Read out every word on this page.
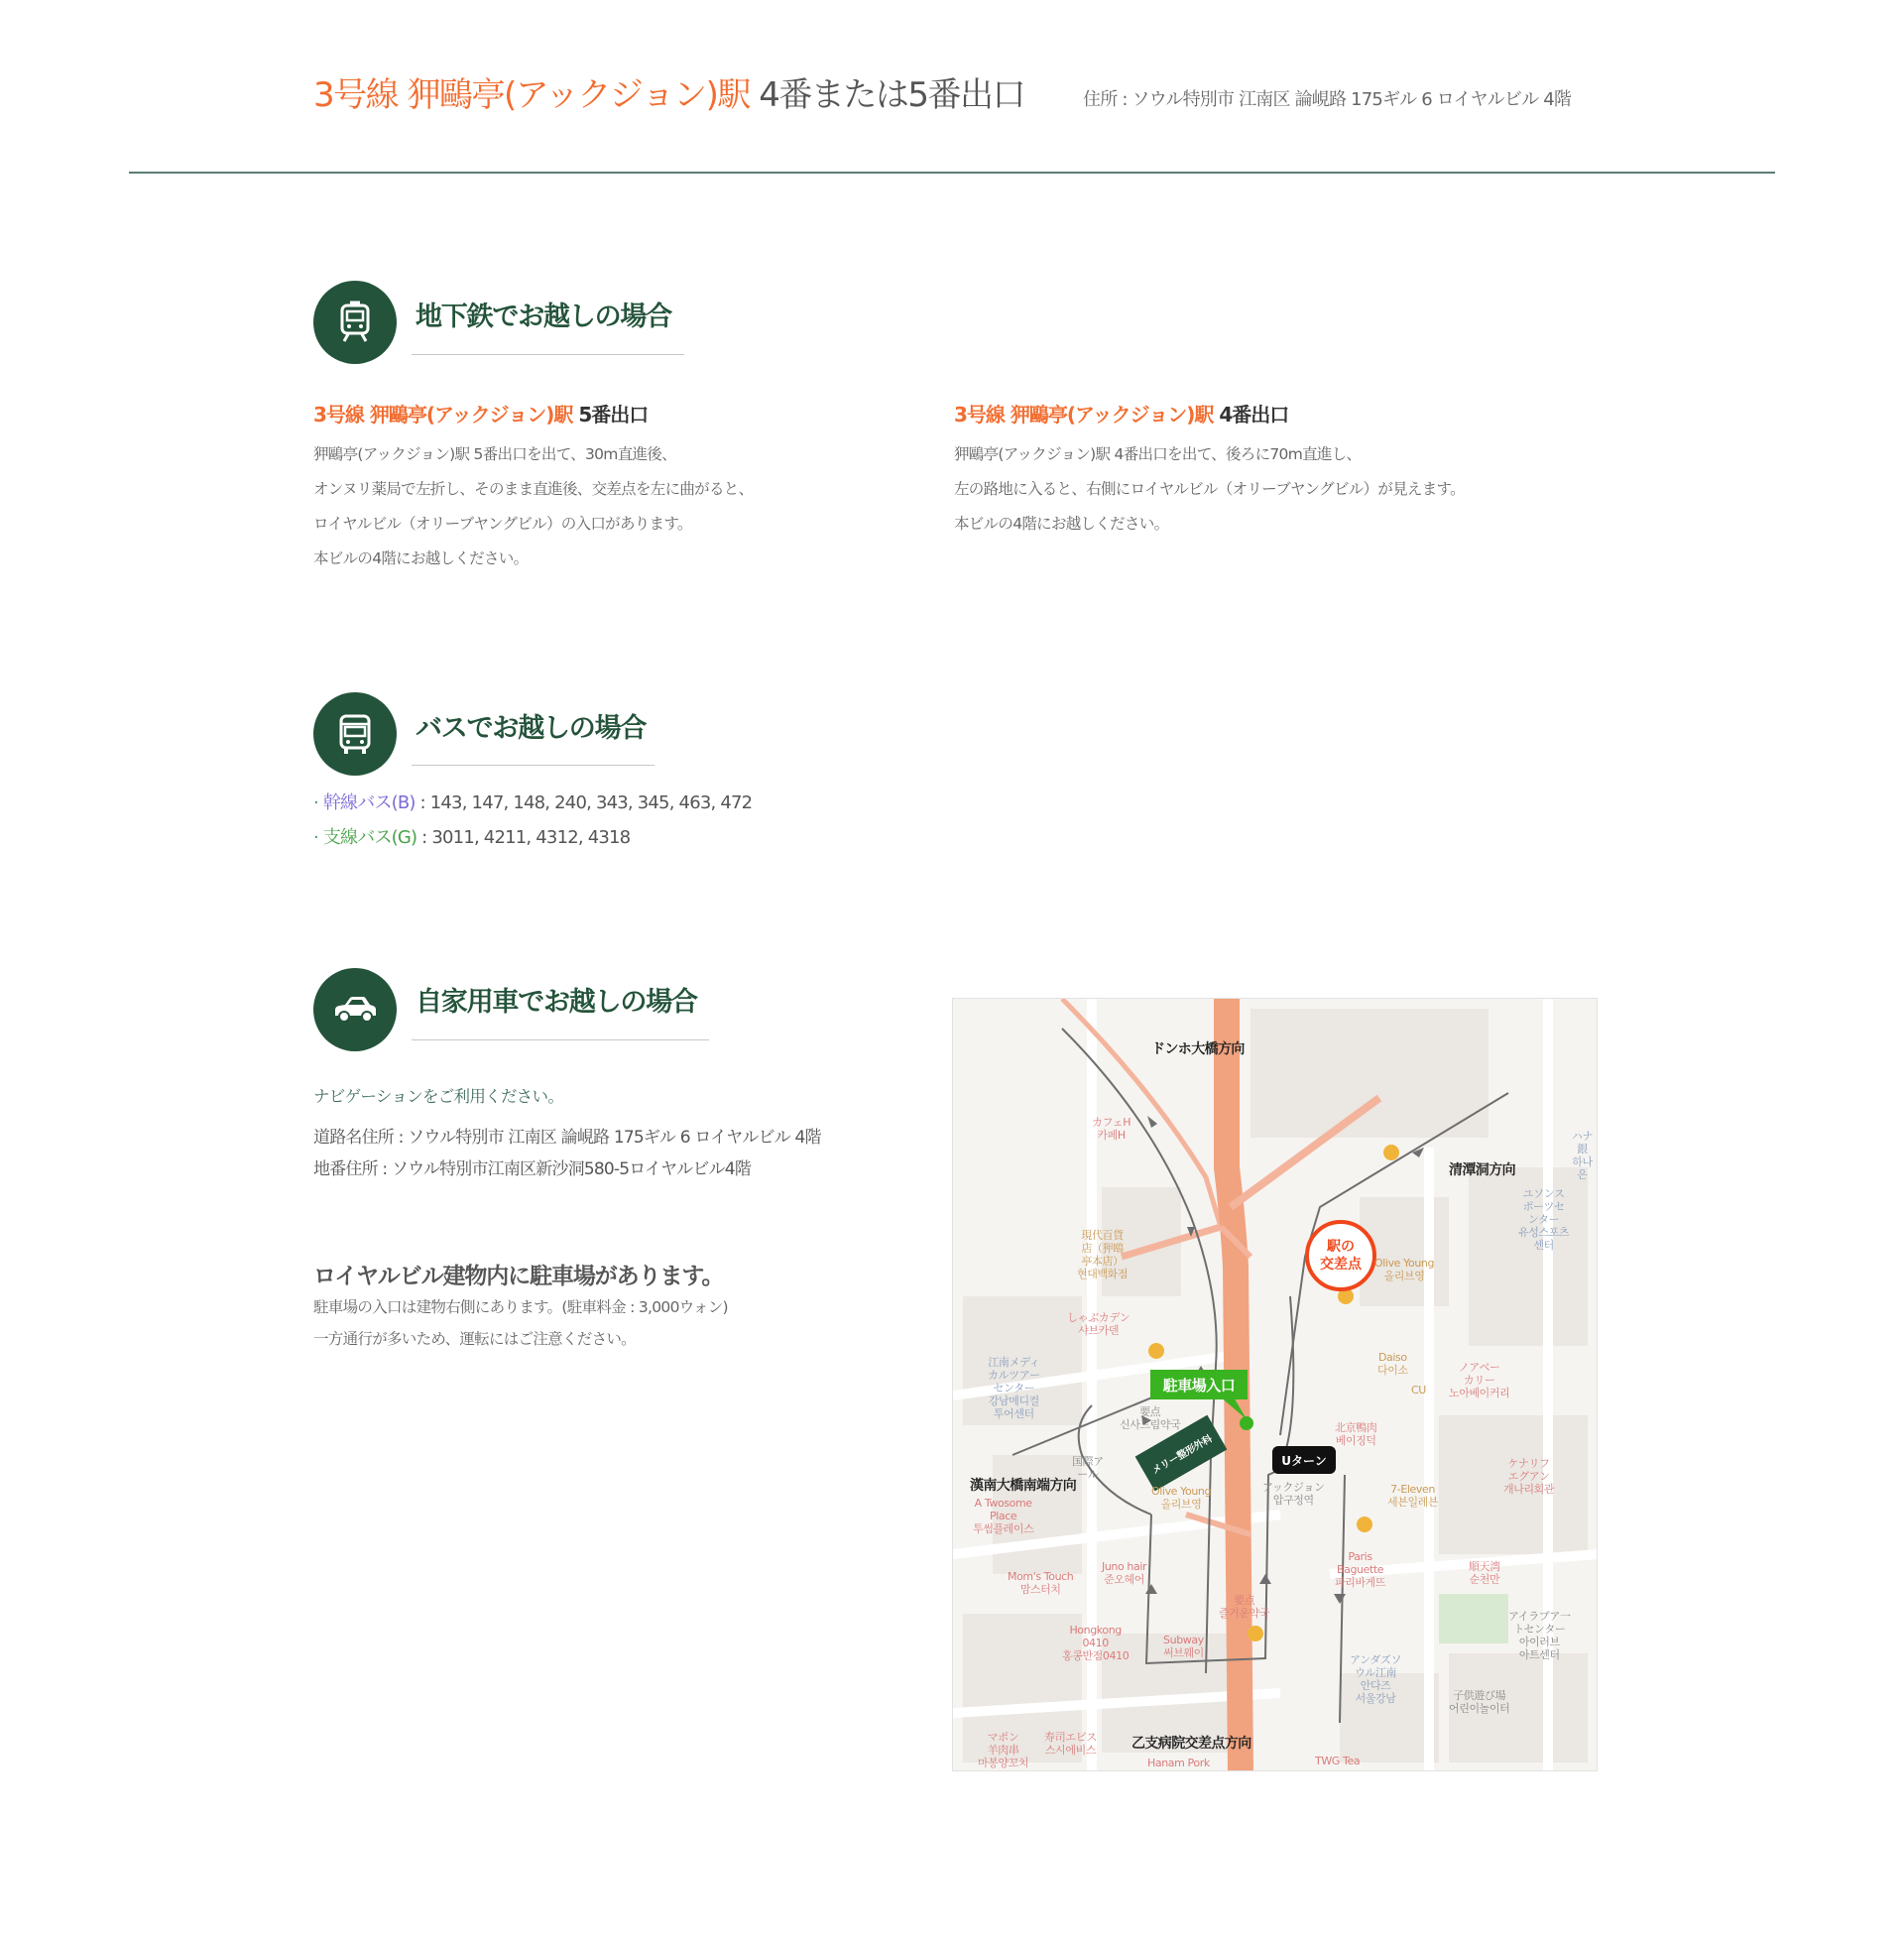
3号線 狎鷗亭(アックジョン)駅 4番または5番出口	住所 : ソウル特別市 江南区 論峴路 175ギル 6 ロイヤルビル 4階
地下鉄でお越しの場合
3号線 狎鷗亭(アックジョン)駅 5番出口
狎鷗亭(アックジョン)駅 5番出口を出て、30m直進後、
オンヌリ薬局で左折し、そのまま直進後、交差点を左に曲がると、
ロイヤルビル（オリーブヤングビル）の入口があります。
本ビルの4階にお越しください。
3号線 狎鷗亭(アックジョン)駅 4番出口
狎鷗亭(アックジョン)駅 4番出口を出て、後ろに70m直進し、
左の路地に入ると、右側にロイヤルビル（オリーブヤングビル）が見えます。
本ビルの4階にお越しください。
バスでお越しの場合
· 幹線バス(B) : 143, 147, 148, 240, 343, 345, 463, 472
· 支線バス(G) : 3011, 4211, 4312, 4318
自家用車でお越しの場合
ナビゲーションをご利用ください。
道路名住所 : ソウル特別市 江南区 論峴路 175ギル 6 ロイヤルビル 4階
地番住所 : ソウル特別市江南区新沙洞580-5ロイヤルビル4階
ロイヤルビル建物内に駐車場があります。
駐車場の入口は建物右側にあります。(駐車料金 : 3,000ウォン)
一方通行が多いため、運転にはご注意ください。
ドンホ大橋方向
清潭洞方向
漢南大橋南端方向
乙支病院交差点方向
駅の
交差点
駐車場入口
Uターン
メリー整形外科
アックジョン
압구정역
カフェH
카페H
現代百貨
店（狎鴎
亭本店）
현대백화점
しゃぶカデン
샤브카덴
江南メディ
カルツアー
センター
강남메디컬
투어센터
国際ア
ール
Olive Young
올리브영
A Twosome
Place
투썸플레이스
Mom's Touch
맘스터치
Juno hair
준오헤어
Hongkong
0410
홍콩반점0410
Subway
써브웨이
寿司エビス
스시에비스
マポン
羊肉串
마봉양꼬치	Hanam Pork
Olive Young
올리브영
Daiso
다이소
CU
ノアベー
カリー
노아베이커리
北京鴨肉
베이징덕
7-Eleven
세븐일레븐
ケナリフ
エグアン
개나리회관
Paris
Baguette
파리바게뜨
順天湾
순천만
アンダズソ
ウル江南
안다즈
서울강남
アイラブア一
トセンター
아이러브
아트센터
子供遊び場
어린이놀이터
TWG Tea
ユソンス
ポーツセ
ンター
유성스포츠
센터
ハナ銀
하나은
要点
신사드림약국
要点
즐거운약국
